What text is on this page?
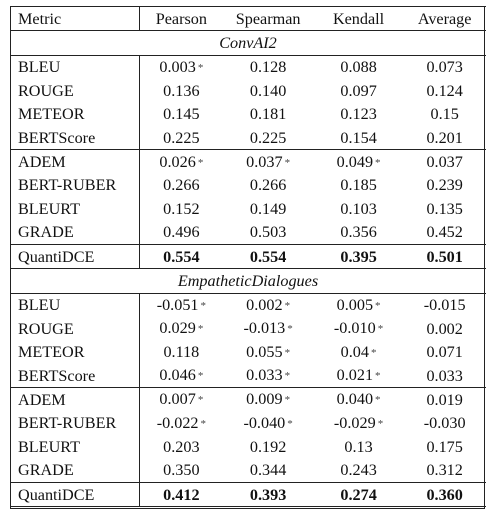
Metric	Pearson	Spearman	Kendall	Average
ConvAI2				
BLEU	0.003 *	0.128	0.088	0.073
ROUGE	0.136	0.140	0.097	0.124
METEOR	0.145	0.181	0.123	0.15
BERTScore	0.225	0.225	0.154	0.201
ADEM	0.026 *	0.037 *	0.049 *	0.037
BERT-RUBER	0.266	0.266	0.185	0.239
BLEURT	0.152	0.149	0.103	0.135
GRADE	0.496	0.503	0.356	0.452
QuantiDCE	0.554	0.554	0.395	0.501
EmpatheticDialogues				
BLEU	-0.051 *	0.002 *	0.005 *	-0.015
ROUGE	0.029 *	-0.013 *	-0.010 *	0.002
METEOR	0.118	0.055 *	0.04 *	0.071
BERTScore	0.046 *	0.033 *	0.021 *	0.033
ADEM	0.007 *	0.009 *	0.040 *	0.019
BERT-RUBER	-0.022 *	-0.040 *	-0.029 *	-0.030
BLEURT	0.203	0.192	0.13	0.175
GRADE	0.350	0.344	0.243	0.312
QuantiDCE	0.412	0.393	0.274	0.360
